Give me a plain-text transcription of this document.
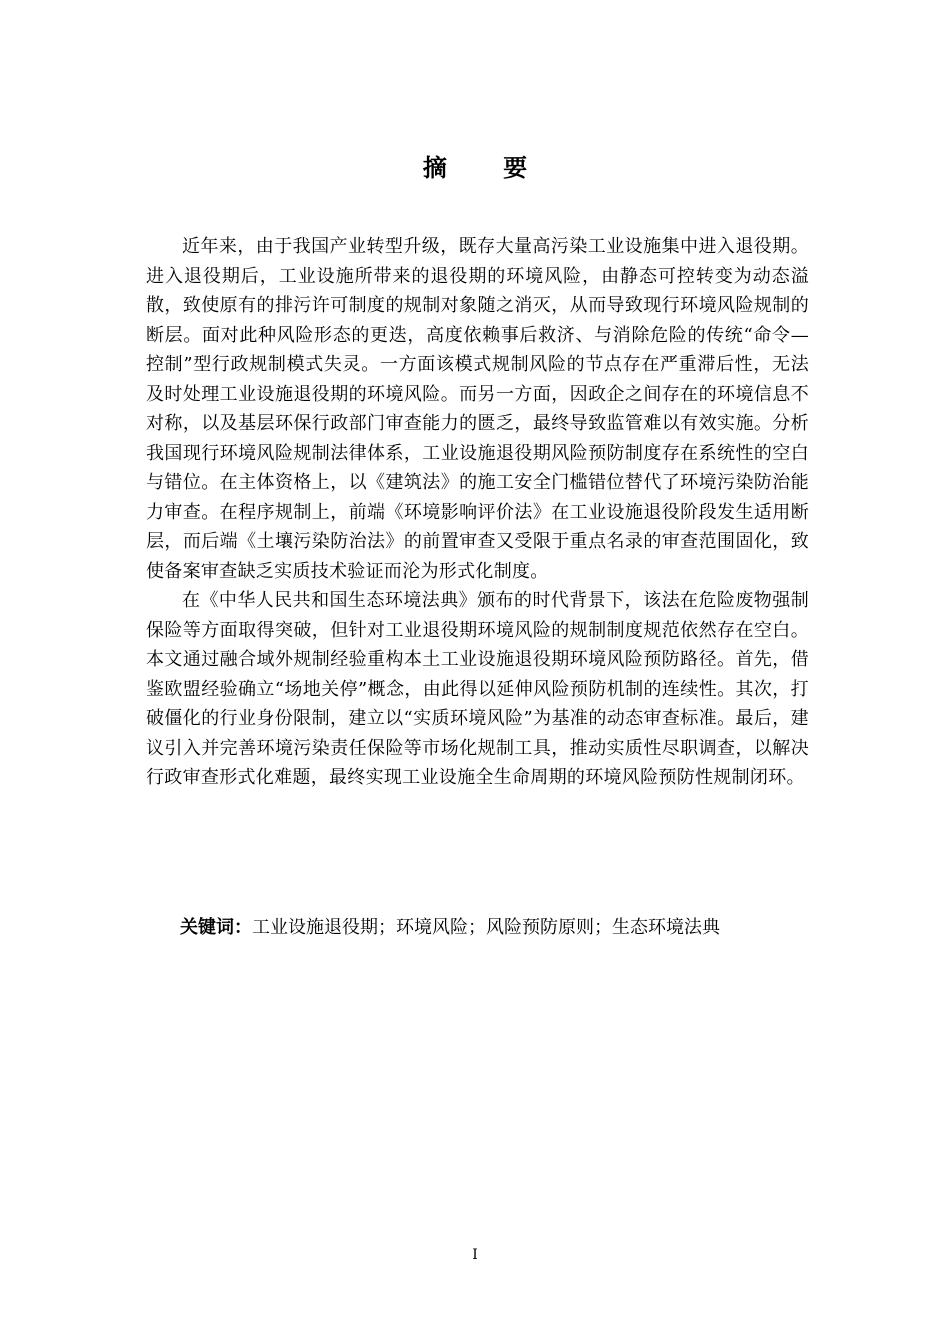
摘 要

近年来，由于我国产业转型升级，既存大量高污染工业设施集中进入退役期。进入退役期后，工业设施所带来的退役期的环境风险，由静态可控转变为动态溢散，致使原有的排污许可制度的规制对象随之消灭，从而导致现行环境风险规制的断层。面对此种风险形态的更迭，高度依赖事后救济、与消除危险的传统“命令—控制”型行政规制模式失灵。一方面该模式规制风险的节点存在严重滞后性，无法及时处理工业设施退役期的环境风险。而另一方面，因政企之间存在的环境信息不对称，以及基层环保行政部门审查能力的匮乏，最终导致监管难以有效实施。分析我国现行环境风险规制法律体系，工业设施退役期风险预防制度存在系统性的空白与错位。在主体资格上，以《建筑法》的施工安全门槛错位替代了环境污染防治能力审查。在程序规制上，前端《环境影响评价法》在工业设施退役阶段发生适用断层，而后端《土壤污染防治法》的前置审查又受限于重点名录的审查范围固化，致使备案审查缺乏实质技术验证而沦为形式化制度。

在《中华人民共和国生态环境法典》颁布的时代背景下，该法在危险废物强制保险等方面取得突破，但针对工业退役期环境风险的规制制度规范依然存在空白。本文通过融合域外规制经验重构本土工业设施退役期环境风险预防路径。首先，借鉴欧盟经验确立“场地关停”概念，由此得以延伸风险预防机制的连续性。其次，打破僵化的行业身份限制，建立以“实质环境风险”为基准的动态审查标准。最后，建议引入并完善环境污染责任保险等市场化规制工具，推动实质性尽职调查，以解决行政审查形式化难题，最终实现工业设施全生命周期的环境风险预防性规制闭环。

关键词：工业设施退役期；环境风险；风险预防原则；生态环境法典
I
